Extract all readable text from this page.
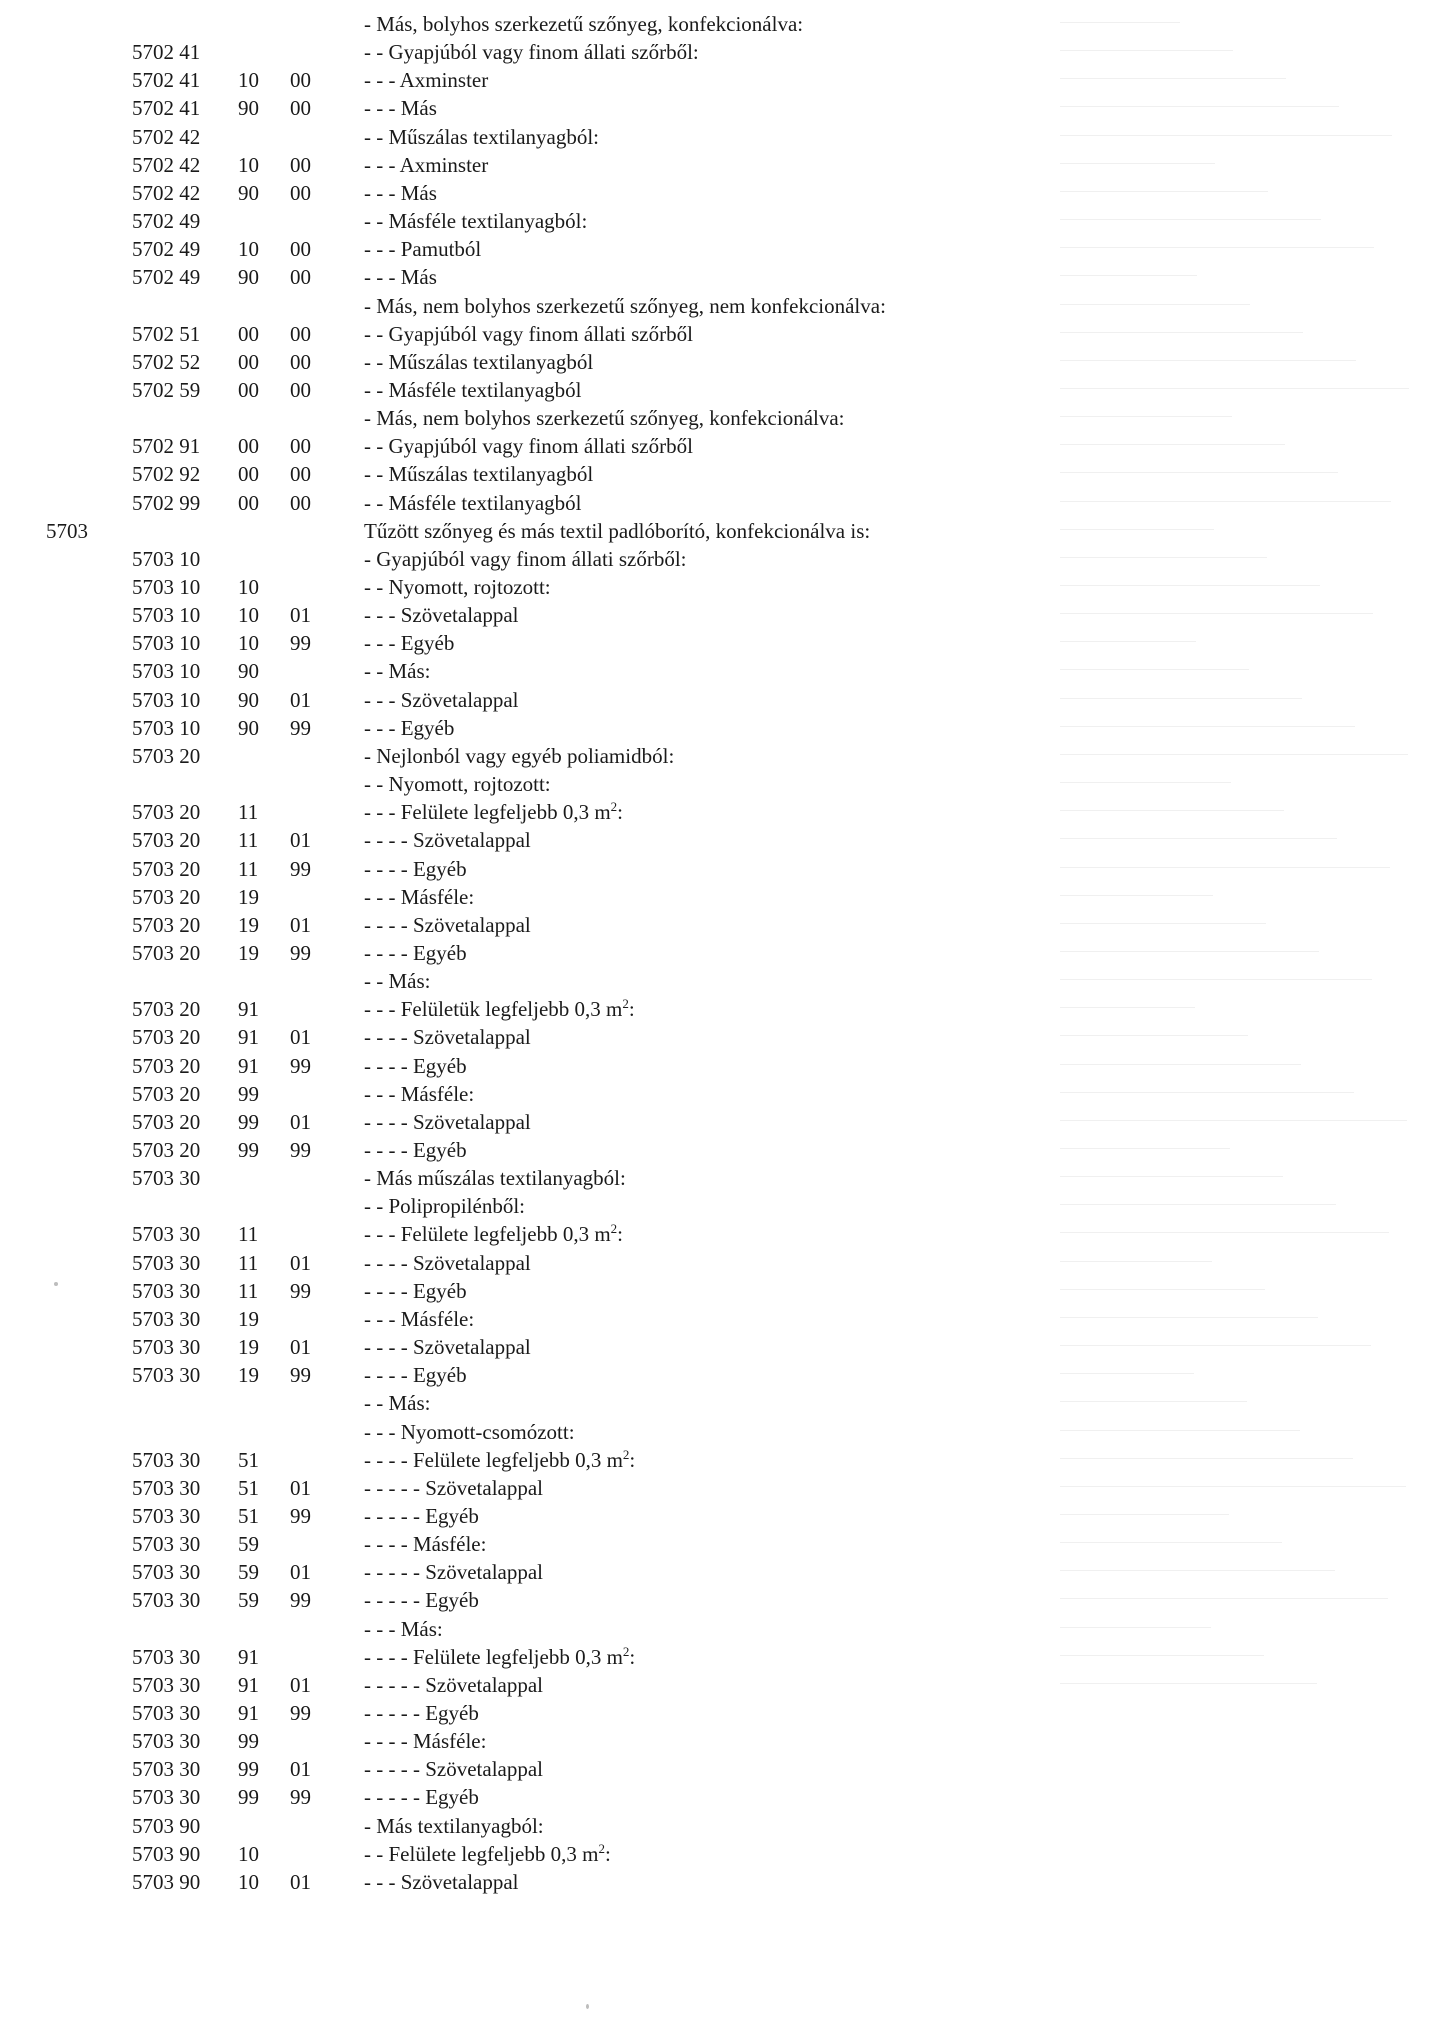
- Más, bolyhos szerkezetű szőnyeg, konfekcionálva:
5702 41	- - Gyapjúból vagy finom állati szőrből:
5702 41 10 00	- - - Axminster
5702 41 90 00	- - - Más
5702 42	- - Műszálas textilanyagból:
5702 42 10 00	- - - Axminster
5702 42 90 00	- - - Más
5702 49	- - Másféle textilanyagból:
5702 49 10 00	- - - Pamutból
5702 49 90 00	- - - Más
- Más, nem bolyhos szerkezetű szőnyeg, nem konfekcionálva:
5702 51 00 00	- - Gyapjúból vagy finom állati szőrből
5702 52 00 00	- - Műszálas textilanyagból
5702 59 00 00	- - Másféle textilanyagból
- Más, nem bolyhos szerkezetű szőnyeg, konfekcionálva:
5702 91 00 00	- - Gyapjúból vagy finom állati szőrből
5702 92 00 00	- - Műszálas textilanyagból
5702 99 00 00	- - Másféle textilanyagból
5703	Tűzött szőnyeg és más textil padlóborító, konfekcionálva is:
5703 10	- Gyapjúból vagy finom állati szőrből:
5703 10 10	- - Nyomott, rojtozott:
5703 10 10 01	- - - Szövetalappal
5703 10 10 99	- - - Egyéb
5703 10 90	- - Más:
5703 10 90 01	- - - Szövetalappal
5703 10 90 99	- - - Egyéb
5703 20	- Nejlonból vagy egyéb poliamidból:
- - Nyomott, rojtozott:
5703 20 11	- - - Felülete legfeljebb 0,3 $m^2$:
5703 20 11 01	- - - - Szövetalappal
5703 20 11 99	- - - - Egyéb
5703 20 19	- - - Másféle:
5703 20 19 01	- - - - Szövetalappal
5703 20 19 99	- - - - Egyéb
- - Más:
5703 20 91	- - - Felületük legfeljebb 0,3 $m^2$:
5703 20 91 01	- - - - Szövetalappal
5703 20 91 99	- - - - Egyéb
5703 20 99	- - - Másféle:
5703 20 99 01	- - - - Szövetalappal
5703 20 99 99	- - - - Egyéb
5703 30	- Más műszálas textilanyagból:
- - Polipropilénből:
5703 30 11	- - - Felülete legfeljebb 0,3 $m^2$:
5703 30 11 01	- - - - Szövetalappal
5703 30 11 99	- - - - Egyéb
5703 30 19	- - - Másféle:
5703 30 19 01	- - - - Szövetalappal
5703 30 19 99	- - - - Egyéb
- - Más:
- - - Nyomott-csomózott:
5703 30 51	- - - - Felülete legfeljebb 0,3 $m^2$:
5703 30 51 01	- - - - - Szövetalappal
5703 30 51 99	- - - - - Egyéb
5703 30 59	- - - - Másféle:
5703 30 59 01	- - - - - Szövetalappal
5703 30 59 99	- - - - - Egyéb
- - - Más:
5703 30 91	- - - - Felülete legfeljebb 0,3 $m^2$:
5703 30 91 01	- - - - - Szövetalappal
5703 30 91 99	- - - - - Egyéb
5703 30 99	- - - - Másféle:
5703 30 99 01	- - - - - Szövetalappal
5703 30 99 99	- - - - - Egyéb
5703 90	- Más textilanyagból:
5703 90 10	- - Felülete legfeljebb 0,3 $m^2$:
5703 90 10 01	- - - Szövetalappal
